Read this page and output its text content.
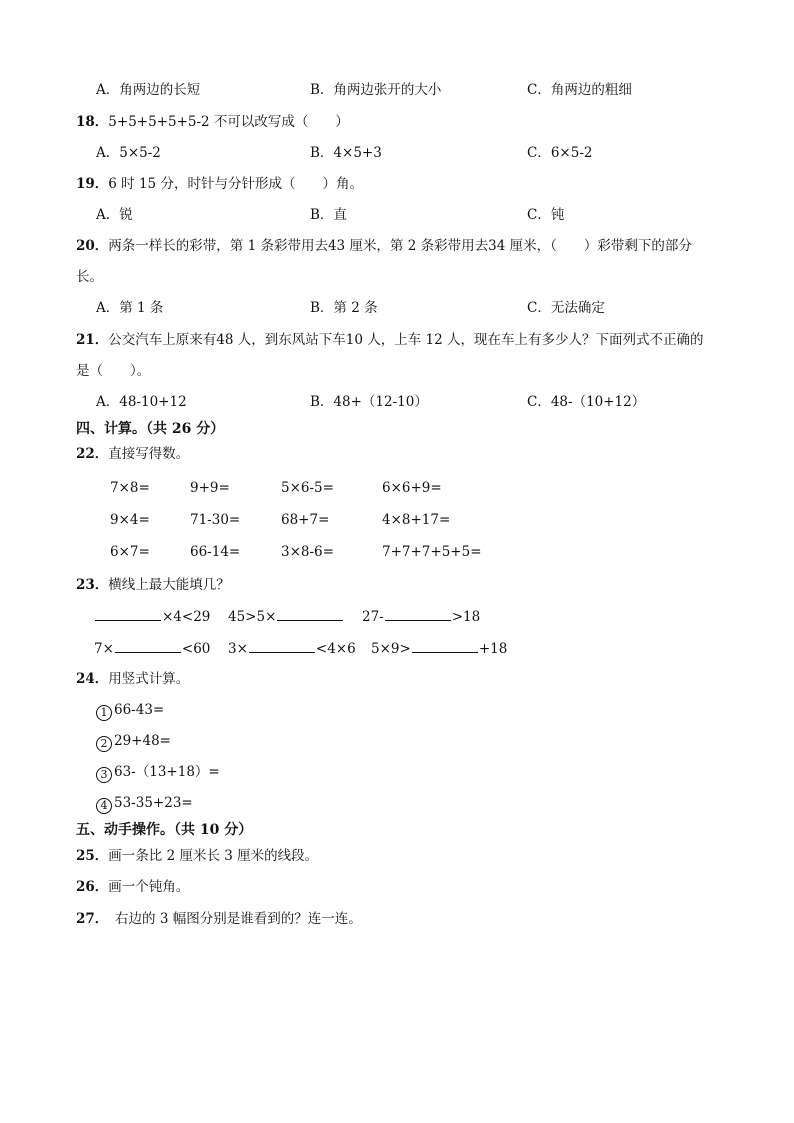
A．角两边的长短	B．角两边张开的大小	C．角两边的粗细
18．5+5+5+5+5-2 不可以改写成（　　）
A．5×5-2	B．4×5+3	C．6×5-2
19．6 时 15 分，时针与分针形成（　　）角。
A．锐	B．直	C．钝
20．两条一样长的彩带，第 1 条彩带用去43 厘米，第 2 条彩带用去34 厘米，（　　）彩带剩下的部分
长。
A．第 1 条	B．第 2 条	C．无法确定
21．公交汽车上原来有48 人，到东风站下车10 人，上车 12 人，现在车上有多少人？下面列式不正确的
是（　　）。
A．48-10+12	B．48+（12-10）	C．48-（10+12）
四、计算。（共 26 分）
22．直接写得数。
7×8=	9+9=	5×6-5=	6×6+9=
9×4=	71-30=	68+7=	4×8+17=
6×7=	66-14=	3×8-6=	7+7+7+5+5=
23．横线上最大能填几？
×4<29 45>5×	27-	>18
7×	<60 3×	<4×6 5×9>	+18
24．用竖式计算。
1 66-43=
2 29+48=
3 63-（13+18）=
4 53-35+23=
五、动手操作。（共 10 分）
25．画一条比 2 厘米长 3 厘米的线段。
26．画一个钝角。
27．　右边的 3 幅图分别是谁看到的？连一连。
